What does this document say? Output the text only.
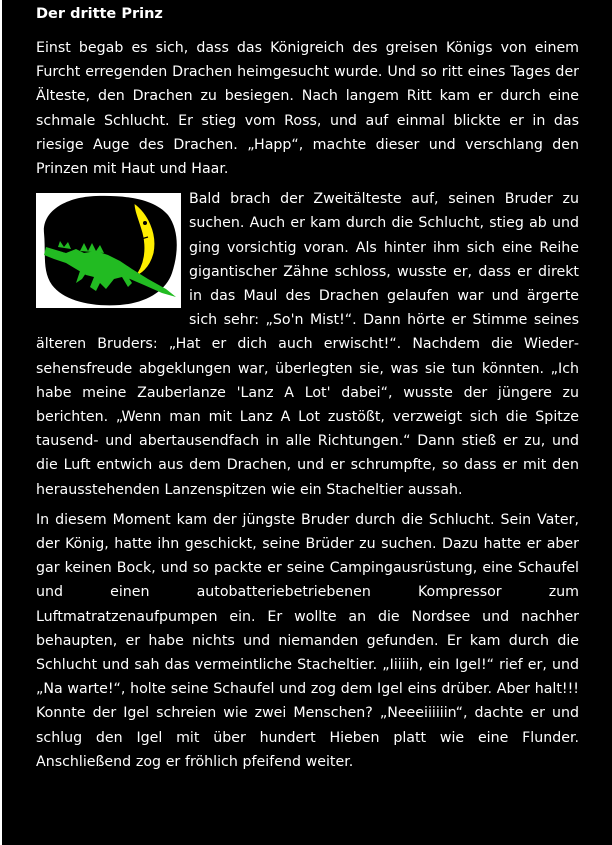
Der dritte Prinz

Einst begab es sich, dass das Königreich des greisen Königs von einem Furcht erregenden Drachen heimgesucht wurde. Und so ritt eines Tages der Älteste, den Drachen zu besiegen. Nach langem Ritt kam er durch eine schmale Schlucht. Er stieg vom Ross, und auf einmal blickte er in das riesige Auge des Drachen. „Happ“, machte dieser und verschlang den Prinzen mit Haut und Haar.

Bald brach der Zweitälteste auf, seinen Bruder zu suchen. Auch er kam durch die Schlucht, stieg ab und ging vorsichtig voran. Als hinter ihm sich eine Reihe gigantischer Zähne schloss, wusste er, dass er direkt in das Maul des Drachen gelaufen war und ärgerte sich sehr: „So'n Mist!“. Dann hörte er Stimme seines älteren Bruders: „Hat er dich auch erwischt!“. Nachdem die Wiedersehensfreude abgeklungen war, überlegten sie, was sie tun könnten. „Ich habe meine Zauberlanze 'Lanz A Lot' dabei“, wusste der jüngere zu berichten. „Wenn man mit Lanz A Lot zustößt, verzweigt sich die Spitze tausend- und abertausendfach in alle Richtungen.“ Dann stieß er zu, und die Luft entwich aus dem Drachen, und er schrumpfte, so dass er mit den herausstehenden Lanzenspitzen wie ein Stacheltier aussah.

In diesem Moment kam der jüngste Bruder durch die Schlucht. Sein Vater, der König, hatte ihn geschickt, seine Brüder zu suchen. Dazu hatte er aber gar keinen Bock, und so packte er seine Campingausrüstung, eine Schaufel und einen autobatteriebetriebenen Kompressor zum Luftmatratzenaufpumpen ein. Er wollte an die Nordsee und nachher behaupten, er habe nichts und niemanden gefunden. Er kam durch die Schlucht und sah das vermeintliche Stacheltier. „Iiiiih, ein Igel!“ rief er, und „Na warte!“, holte seine Schaufel und zog dem Igel eins drüber. Aber halt!!! Konnte der Igel schreien wie zwei Menschen? „Neeeiiiiiin“, dachte er und schlug den Igel mit über hundert Hieben platt wie eine Flunder. Anschließend zog er fröhlich pfeifend weiter.
